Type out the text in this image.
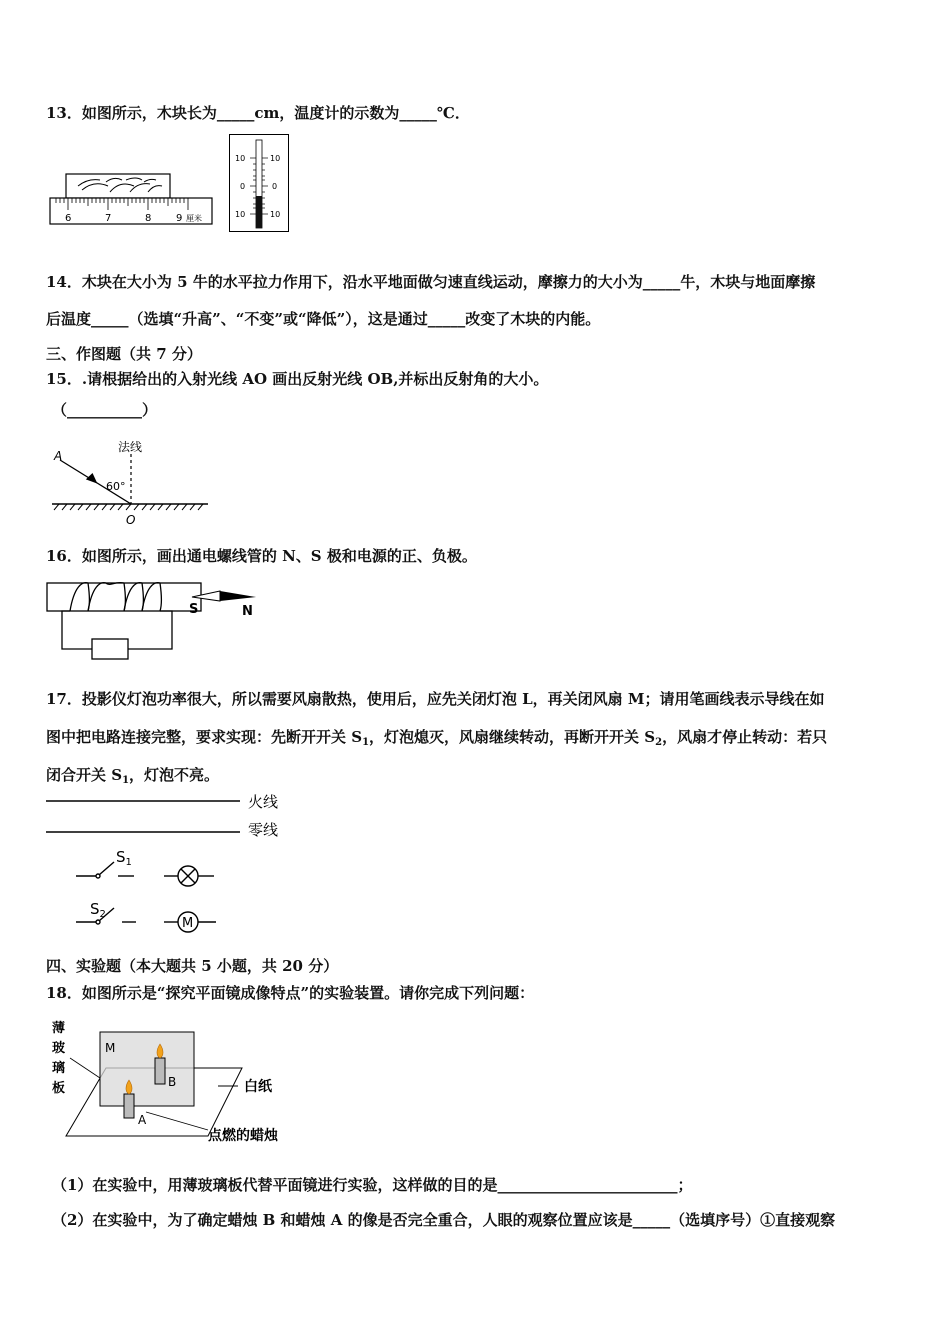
13．如图所示，木块长为_____cm，温度计的示数为_____℃．
6	7	8 9 厘米
10
0
10
10
0
10
14．木块在大小为 5 牛的水平拉力作用下，沿水平地面做匀速直线运动，摩擦力的大小为_____牛，木块与地面摩擦
后温度_____（选填“升高”、“不变”或“降低”），这是通过_____改变了木块的内能。
三、作图题（共 7 分）
15．.请根据给出的入射光线 AO 画出反射光线 OB,并标出反射角的大小。
（__________）
法线
A
60°
O
16．如图所示，画出通电螺线管的 N、S 极和电源的正、负极。
S	N
17．投影仪灯泡功率很大，所以需要风扇散热，使用后，应先关闭灯泡 L，再关闭风扇 M；请用笔画线表示导线在如
图中把电路连接完整，要求实现：先断开开关 $S_1$，灯泡熄灭，风扇继续转动，再断开开关 $S_2$，风扇才停止转动：若只
闭合开关 $S_1$，灯泡不亮。
火线
零线
$S_1$
$S_2$
M
四、实验题（本大题共 5 小题，共 20 分）
18．如图所示是“探究平面镜成像特点”的实验装置。请你完成下列问题：
薄
玻
璃
板
M
B
A
白纸
点燃的蜡烛
（1）在实验中，用薄玻璃板代替平面镜进行实验，这样做的目的是________________________；
（2）在实验中，为了确定蜡烛 B 和蜡烛 A 的像是否完全重合，人眼的观察位置应该是_____（选填序号）①直接观察
